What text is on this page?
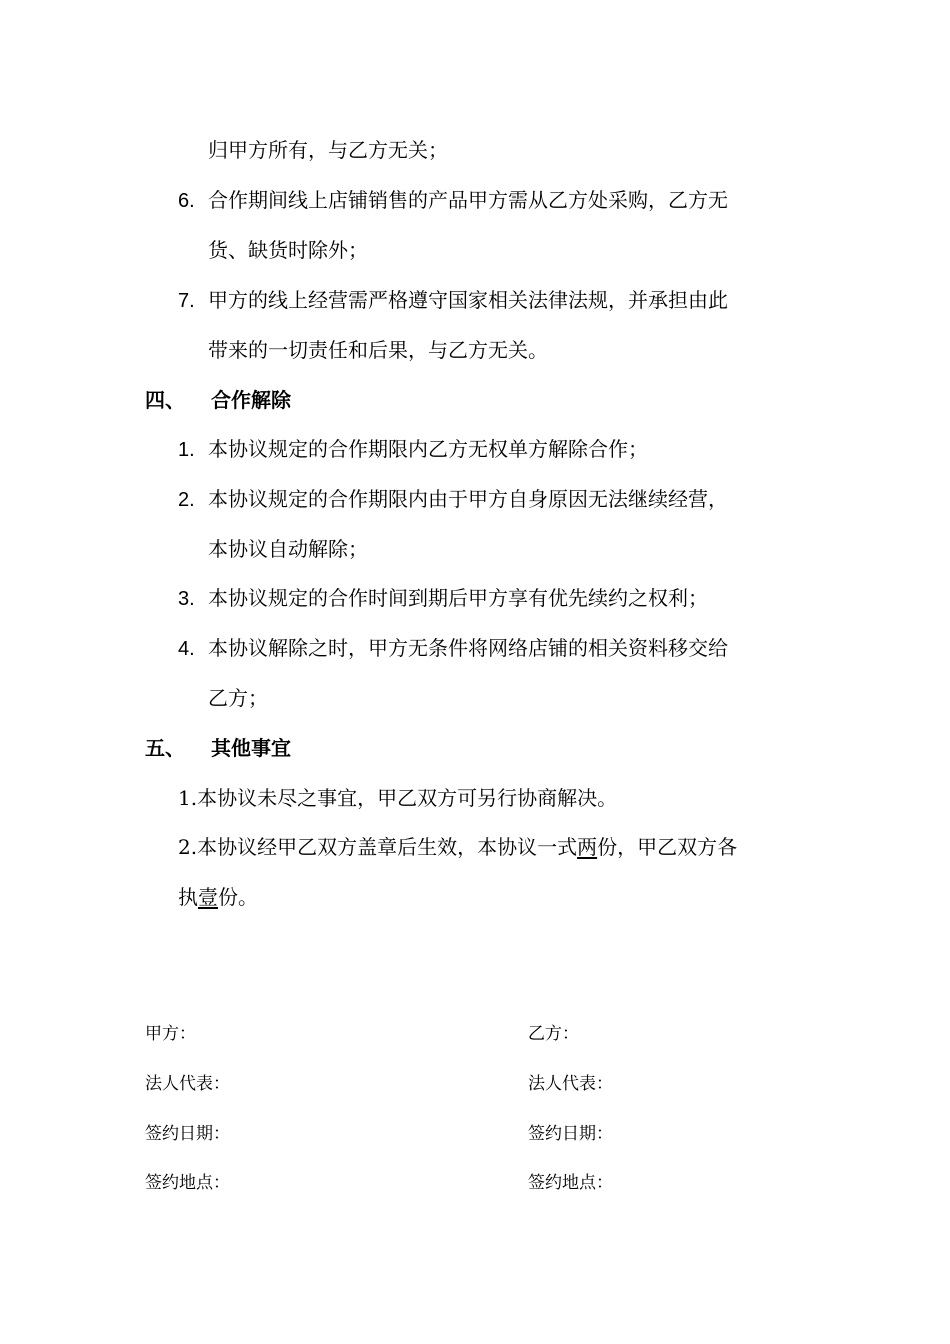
归甲方所有，与乙方无关；
6. 合作期间线上店铺销售的产品甲方需从乙方处采购，乙方无
货、缺货时除外；
7. 甲方的线上经营需严格遵守国家相关法律法规，并承担由此
带来的一切责任和后果，与乙方无关。
四、 合作解除
1. 本协议规定的合作期限内乙方无权单方解除合作；
2. 本协议规定的合作期限内由于甲方自身原因无法继续经营，
本协议自动解除；
3. 本协议规定的合作时间到期后甲方享有优先续约之权利；
4. 本协议解除之时，甲方无条件将网络店铺的相关资料移交给
乙方；
五、 其他事宜
1.本协议未尽之事宜，甲乙双方可另行协商解决。
2.本协议经甲乙双方盖章后生效，本协议一式两份，甲乙双方各
执壹份。
甲方：	乙方：
法人代表：	法人代表：
签约日期：	签约日期：
签约地点：	签约地点：
